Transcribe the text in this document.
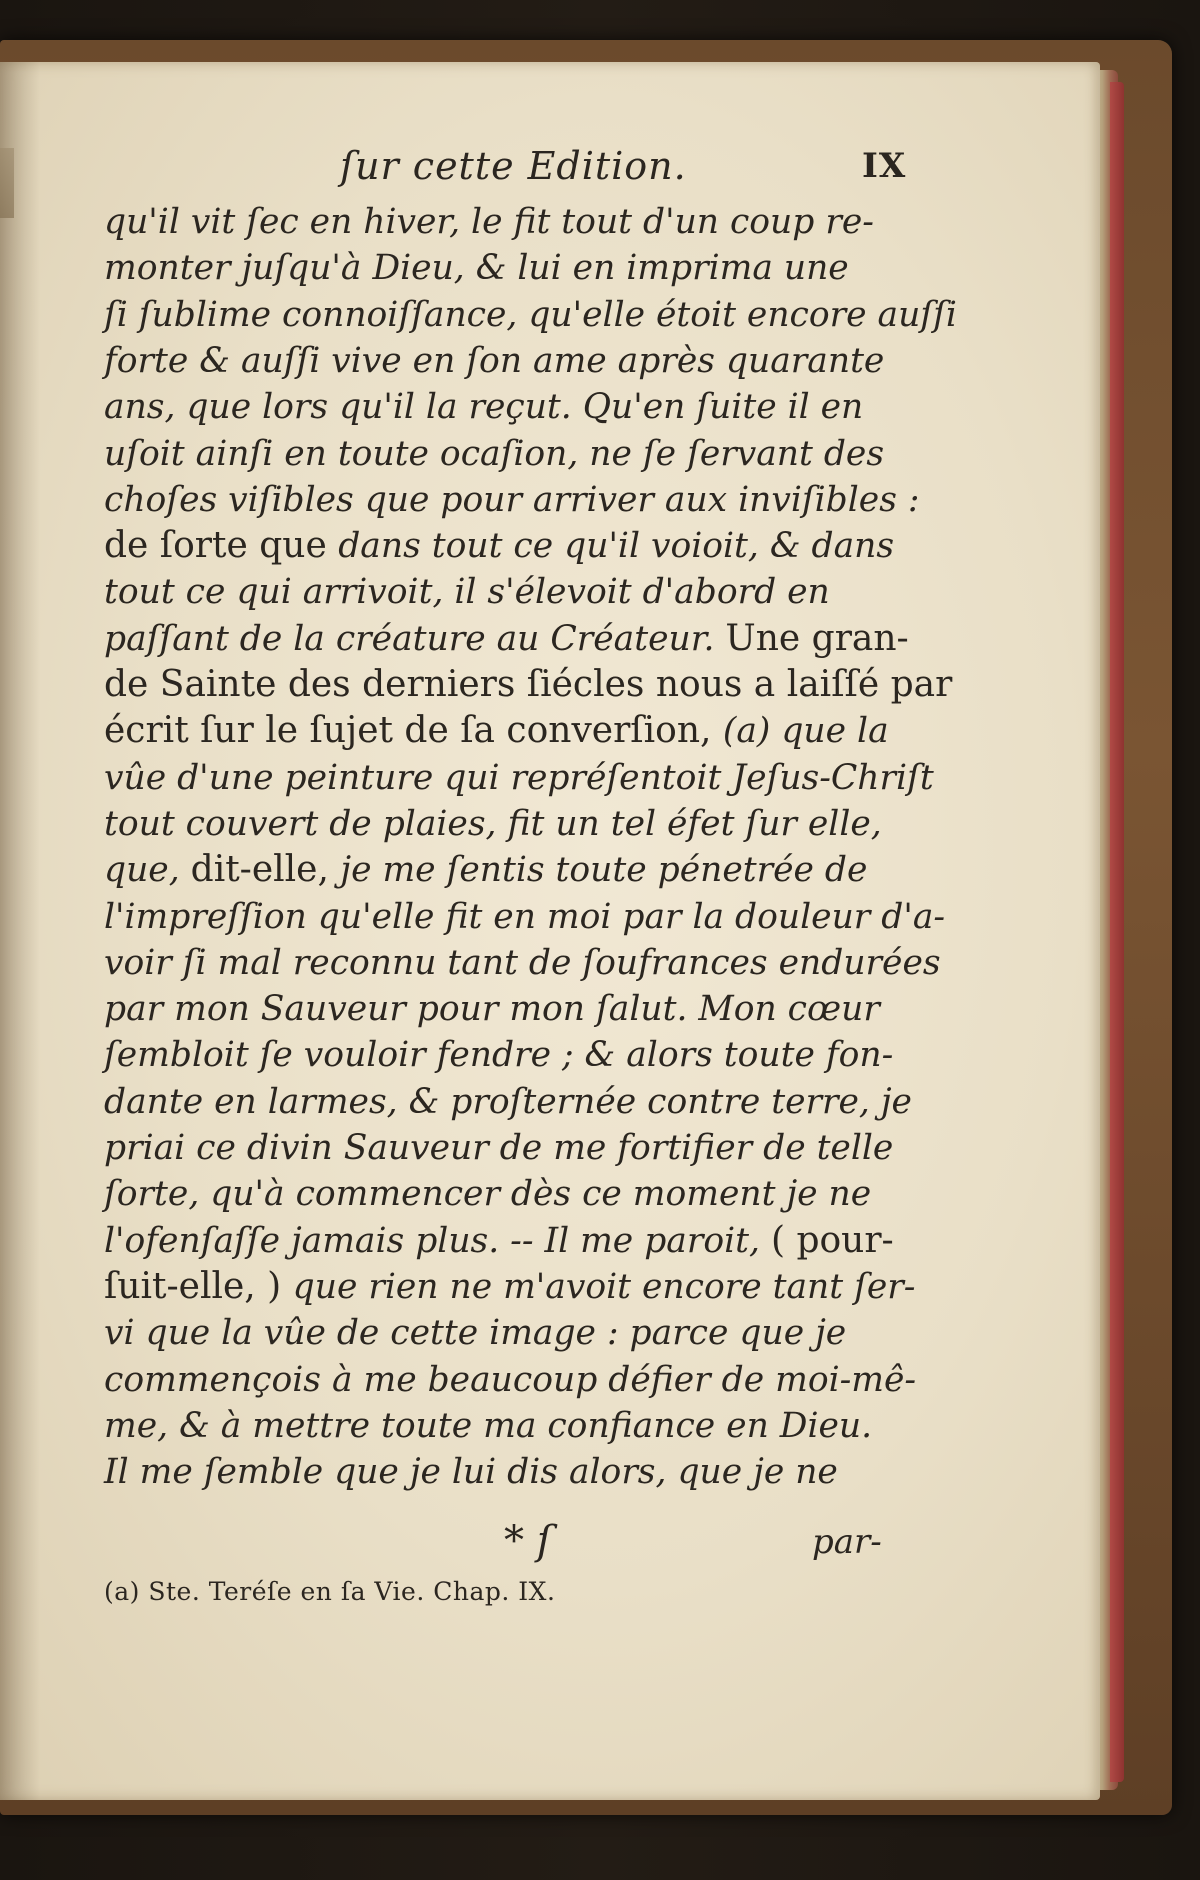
ſur cette Edition.	IX
qu'il vit ſec en hiver, le fit tout d'un coup re-
monter juſqu'à Dieu, & lui en imprima une
ſi ſublime connoiſſance, qu'elle étoit encore auſſi
forte & auſſi vive en ſon ame après quarante
ans, que lors qu'il la reçut. Qu'en ſuite il en
uſoit ainſi en toute ocaſion, ne ſe ſervant des
choſes viſibles que pour arriver aux inviſibles :
de ſorte que dans tout ce qu'il voioit, & dans
tout ce qui arrivoit, il s'élevoit d'abord en
paſſant de la créature au Créateur. Une gran-
de Sainte des derniers ſiécles nous a laiſſé par
écrit ſur le ſujet de ſa converſion, (a) que la
vûe d'une peinture qui repréſentoit Jeſus-Chriſt
tout couvert de plaies, fit un tel éfet ſur elle,
que, dit-elle, je me ſentis toute pénetrée de
l'impreſſion qu'elle fit en moi par la douleur d'a-
voir ſi mal reconnu tant de ſoufrances endurées
par mon Sauveur pour mon ſalut. Mon cœur
ſembloit ſe vouloir fendre ; & alors toute fon-
dante en larmes, & proſternée contre terre, je
priai ce divin Sauveur de me fortifier de telle
ſorte, qu'à commencer dès ce moment je ne
l'ofenſaſſe jamais plus. -- Il me paroit, ( pour-
ſuit-elle, ) que rien ne m'avoit encore tant ſer-
vi que la vûe de cette image : parce que je
commençois à me beaucoup défier de moi-mê-
me, & à mettre toute ma confiance en Dieu.
Il me ſemble que je lui dis alors, que je ne
* ſ	par-
(a) Ste. Teréſe en ſa Vie. Chap. IX.
